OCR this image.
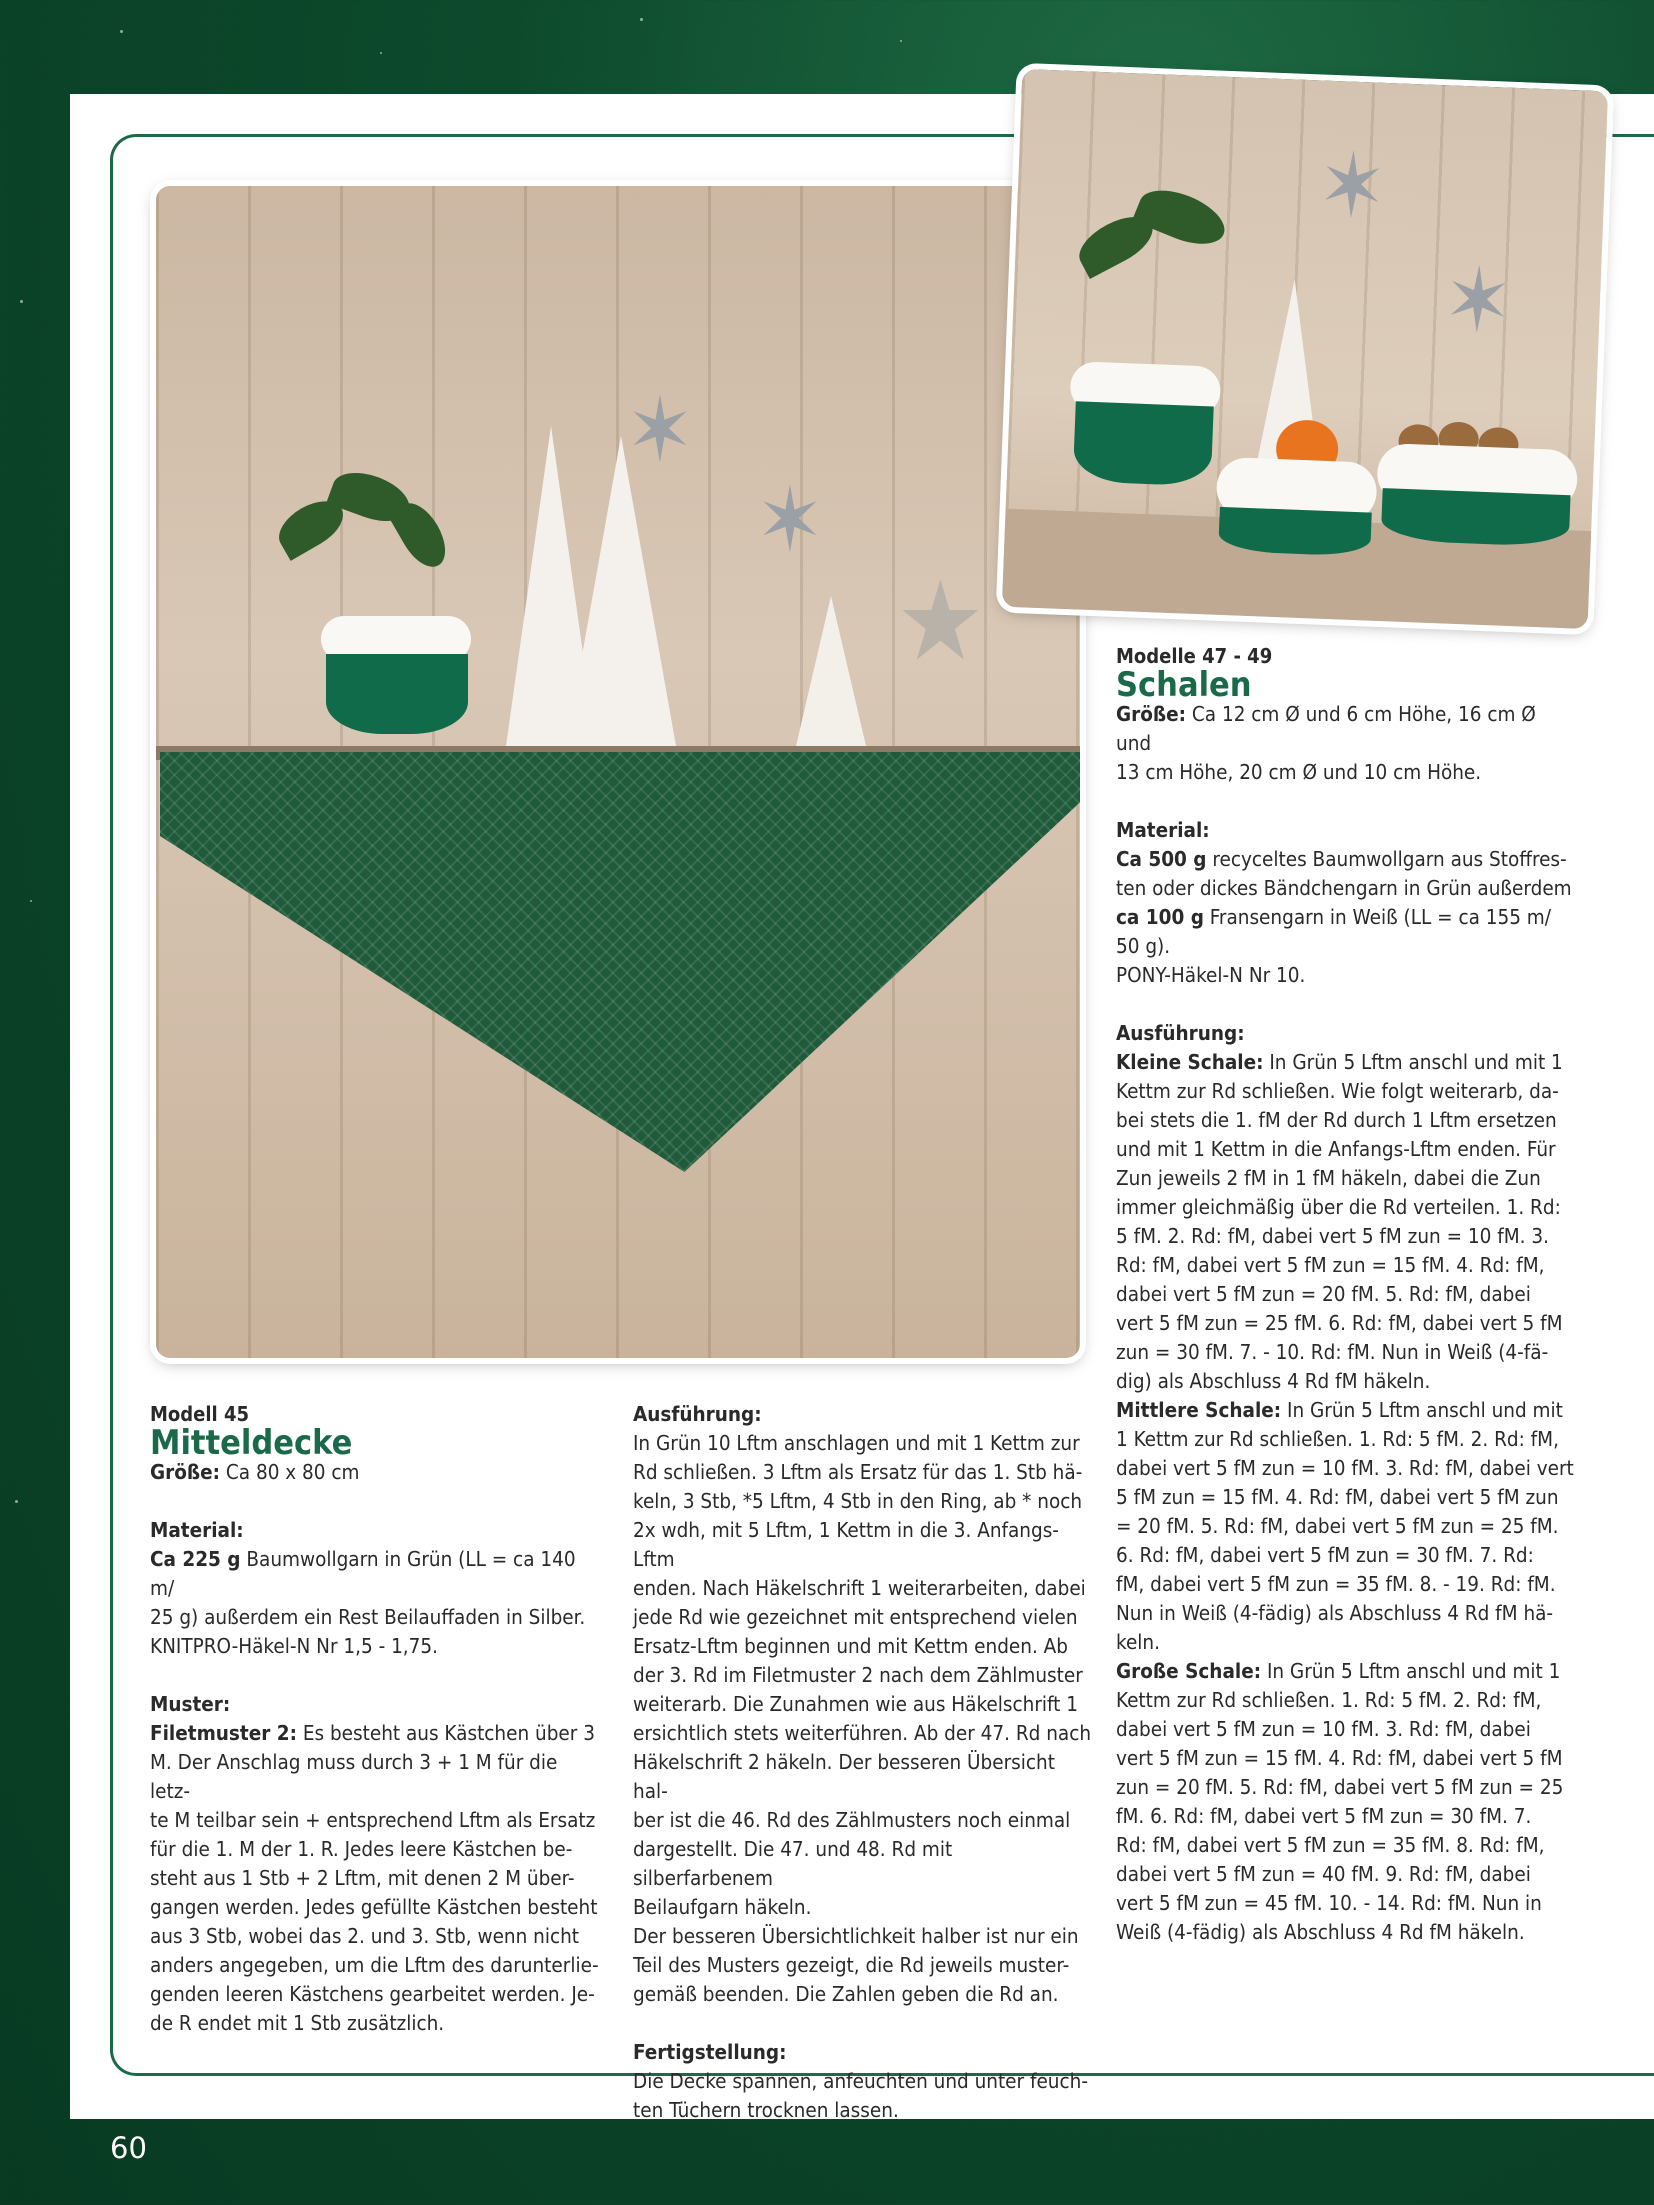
✶
✶
★
✶
✶

Modell 45

Mitteldecke

Größe: Ca 80 x 80 cm

Material:

Ca 225 g Baumwollgarn in Grün (LL = ca 140 m/
25 g) außerdem ein Rest Beilauffaden in Silber.
KNITPRO-Häkel-N Nr 1,5 - 1,75.

Muster:

Filetmuster 2: Es besteht aus Kästchen über 3
M. Der Anschlag muss durch 3 + 1 M für die letz-
te M teilbar sein + entsprechend Lftm als Ersatz
für die 1. M der 1. R. Jedes leere Kästchen be-
steht aus 1 Stb + 2 Lftm, mit denen 2 M über-
gangen werden. Jedes gefüllte Kästchen besteht
aus 3 Stb, wobei das 2. und 3. Stb, wenn nicht
anders angegeben, um die Lftm des darunterlie-
genden leeren Kästchens gearbeitet werden. Je-
de R endet mit 1 Stb zusätzlich.

Ausführung:

In Grün 10 Lftm anschlagen und mit 1 Kettm zur
Rd schließen. 3 Lftm als Ersatz für das 1. Stb hä-
keln, 3 Stb, *5 Lftm, 4 Stb in den Ring, ab * noch
2x wdh, mit 5 Lftm, 1 Kettm in die 3. Anfangs-Lftm
enden. Nach Häkelschrift 1 weiterarbeiten, dabei
jede Rd wie gezeichnet mit entsprechend vielen
Ersatz-Lftm beginnen und mit Kettm enden. Ab
der 3. Rd im Filetmuster 2 nach dem Zählmuster
weiterarb. Die Zunahmen wie aus Häkelschrift 1
ersichtlich stets weiterführen. Ab der 47. Rd nach
Häkelschrift 2 häkeln. Der besseren Übersicht hal-
ber ist die 46. Rd des Zählmusters noch einmal
dargestellt. Die 47. und 48. Rd mit silberfarbenem
Beilaufgarn häkeln.
Der besseren Übersichtlichkeit halber ist nur ein
Teil des Musters gezeigt, die Rd jeweils muster-
gemäß beenden. Die Zahlen geben die Rd an.

Fertigstellung:

Die Decke spannen, anfeuchten und unter feuch-
ten Tüchern trocknen lassen.

Modelle 47 - 49

Schalen

Größe: Ca 12 cm Ø und 6 cm Höhe, 16 cm Ø und
13 cm Höhe, 20 cm Ø und 10 cm Höhe.

Material:

Ca 500 g recyceltes Baumwollgarn aus Stoffres-
ten oder dickes Bändchengarn in Grün außerdem
ca 100 g Fransengarn in Weiß (LL = ca 155 m/
50 g).
PONY-Häkel-N Nr 10.

Ausführung:

Kleine Schale: In Grün 5 Lftm anschl und mit 1
Kettm zur Rd schließen. Wie folgt weiterarb, da-
bei stets die 1. fM der Rd durch 1 Lftm ersetzen
und mit 1 Kettm in die Anfangs-Lftm enden. Für
Zun jeweils 2 fM in 1 fM häkeln, dabei die Zun
immer gleichmäßig über die Rd verteilen. 1. Rd:
5 fM. 2. Rd: fM, dabei vert 5 fM zun = 10 fM. 3.
Rd: fM, dabei vert 5 fM zun = 15 fM. 4. Rd: fM,
dabei vert 5 fM zun = 20 fM. 5. Rd: fM, dabei
vert 5 fM zun = 25 fM. 6. Rd: fM, dabei vert 5 fM
zun = 30 fM. 7. - 10. Rd: fM. Nun in Weiß (4-fä-
dig) als Abschluss 4 Rd fM häkeln.

Mittlere Schale: In Grün 5 Lftm anschl und mit
1 Kettm zur Rd schließen. 1. Rd: 5 fM. 2. Rd: fM,
dabei vert 5 fM zun = 10 fM. 3. Rd: fM, dabei vert
5 fM zun = 15 fM. 4. Rd: fM, dabei vert 5 fM zun
= 20 fM. 5. Rd: fM, dabei vert 5 fM zun = 25 fM.
6. Rd: fM, dabei vert 5 fM zun = 30 fM. 7. Rd:
fM, dabei vert 5 fM zun = 35 fM. 8. - 19. Rd: fM.
Nun in Weiß (4-fädig) als Abschluss 4 Rd fM hä-
keln.

Große Schale: In Grün 5 Lftm anschl und mit 1
Kettm zur Rd schließen. 1. Rd: 5 fM. 2. Rd: fM,
dabei vert 5 fM zun = 10 fM. 3. Rd: fM, dabei
vert 5 fM zun = 15 fM. 4. Rd: fM, dabei vert 5 fM
zun = 20 fM. 5. Rd: fM, dabei vert 5 fM zun = 25
fM. 6. Rd: fM, dabei vert 5 fM zun = 30 fM. 7.
Rd: fM, dabei vert 5 fM zun = 35 fM. 8. Rd: fM,
dabei vert 5 fM zun = 40 fM. 9. Rd: fM, dabei
vert 5 fM zun = 45 fM. 10. - 14. Rd: fM. Nun in
Weiß (4-fädig) als Abschluss 4 Rd fM häkeln.

60
